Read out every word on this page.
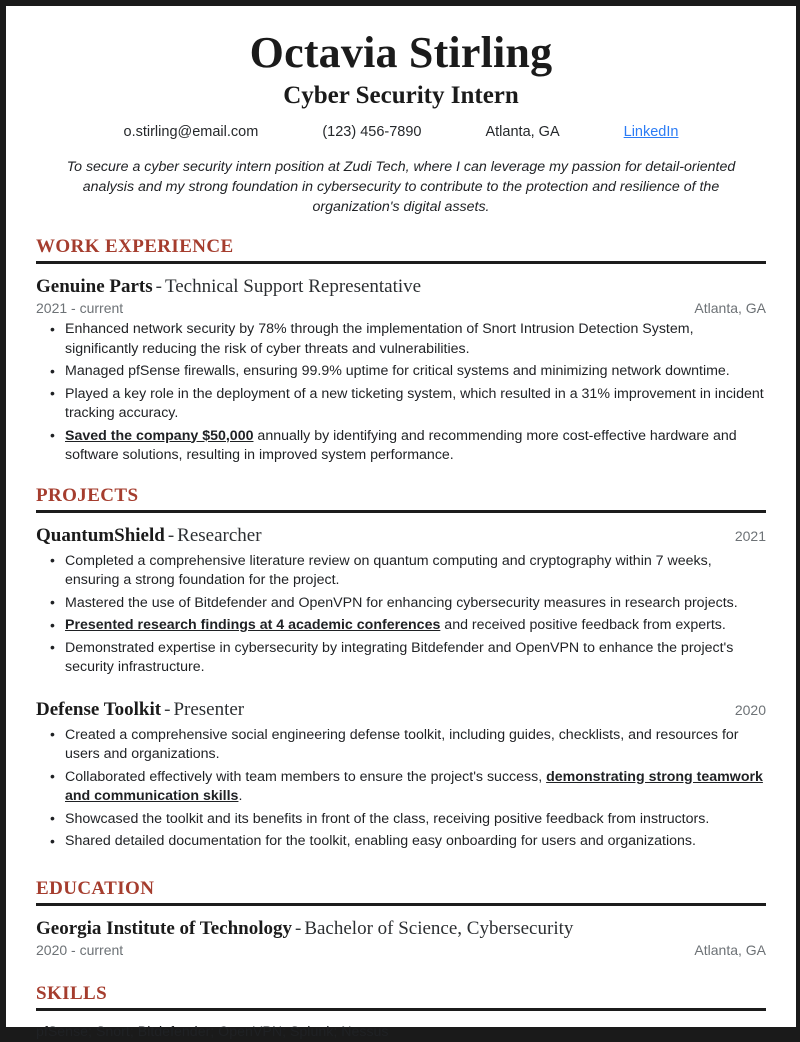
Octavia Stirling
Cyber Security Intern
o.stirling@email.com	(123) 456-7890	Atlanta, GA	LinkedIn
To secure a cyber security intern position at Zudi Tech, where I can leverage my passion for detail-oriented analysis and my strong foundation in cybersecurity to contribute to the protection and resilience of the organization's digital assets.
WORK EXPERIENCE
Genuine Parts - Technical Support Representative
2021 - current	Atlanta, GA
• Enhanced network security by 78% through the implementation of Snort Intrusion Detection System, significantly reducing the risk of cyber threats and vulnerabilities.
• Managed pfSense firewalls, ensuring 99.9% uptime for critical systems and minimizing network downtime.
• Played a key role in the deployment of a new ticketing system, which resulted in a 31% improvement in incident tracking accuracy.
• Saved the company $50,000 annually by identifying and recommending more cost-effective hardware and software solutions, resulting in improved system performance.
PROJECTS
QuantumShield - Researcher	2021
• Completed a comprehensive literature review on quantum computing and cryptography within 7 weeks, ensuring a strong foundation for the project.
• Mastered the use of Bitdefender and OpenVPN for enhancing cybersecurity measures in research projects.
• Presented research findings at 4 academic conferences and received positive feedback from experts.
• Demonstrated expertise in cybersecurity by integrating Bitdefender and OpenVPN to enhance the project's security infrastructure.
Defense Toolkit - Presenter	2020
• Created a comprehensive social engineering defense toolkit, including guides, checklists, and resources for users and organizations.
• Collaborated effectively with team members to ensure the project's success, demonstrating strong teamwork and communication skills.
• Showcased the toolkit and its benefits in front of the class, receiving positive feedback from instructors.
• Shared detailed documentation for the toolkit, enabling easy onboarding for users and organizations.
EDUCATION
Georgia Institute of Technology - Bachelor of Science, Cybersecurity
2020 - current	Atlanta, GA
SKILLS
pfSense; Snort; Bitdefender; OpenVPN; Splunk; Nessus
